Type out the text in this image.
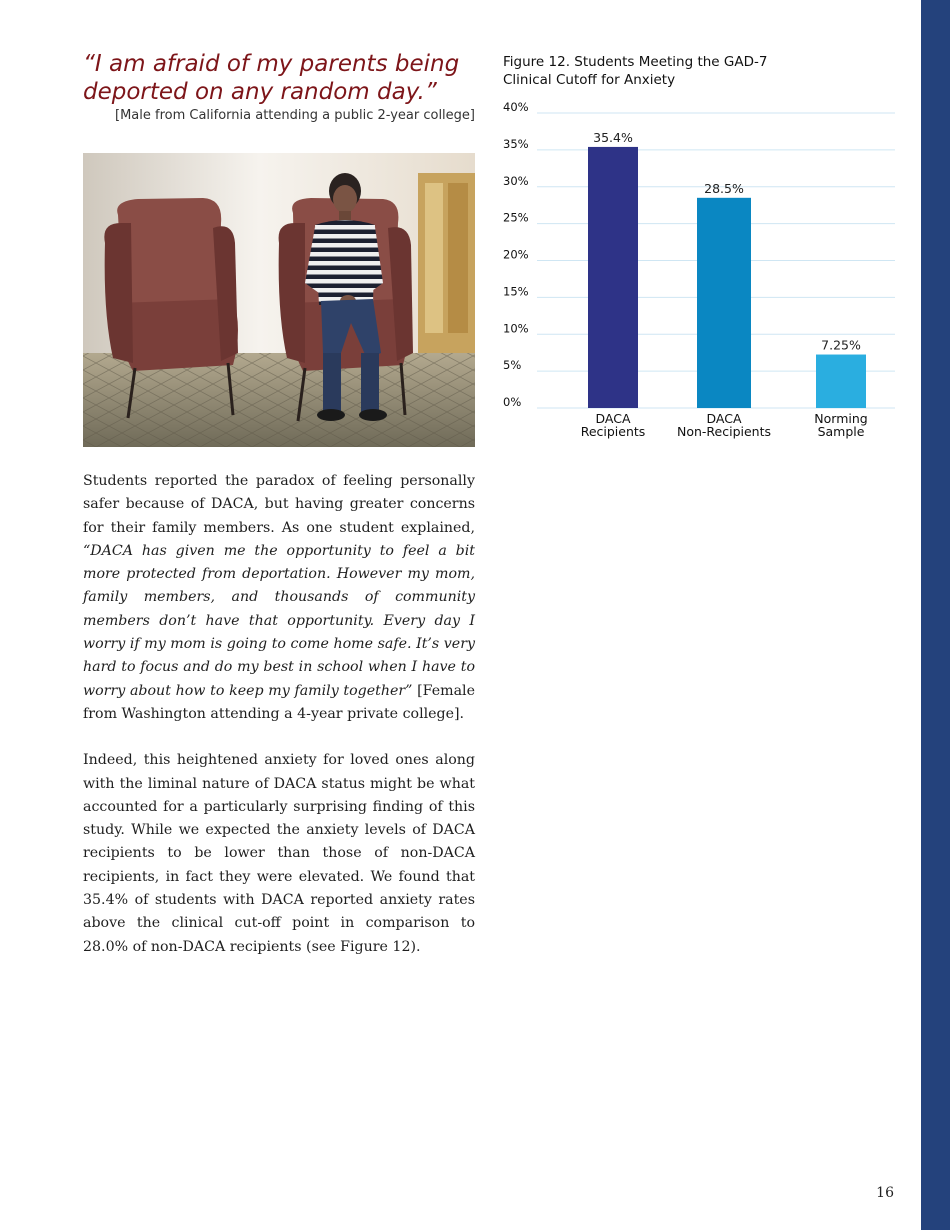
“I am afraid of my parents being deported on any random day.”
[Male from California attending a public 2-year college]

Students reported the paradox of feeling personally safer because of DACA, but having greater concerns for their family members. As one student explained, “DACA has given me the opportunity to feel a bit more protected from deportation. However my mom, family members, and thousands of community members don’t have that opportunity. Every day I worry if my mom is going to come home safe. It’s very hard to focus and do my best in school when I have to worry about how to keep my family together” [Female from Washington attending a 4-year private college].

Indeed, this heightened anxiety for loved ones along with the liminal nature of DACA status might be what accounted for a particularly surprising finding of this study. While we expected the anxiety levels of DACA recipients to be lower than those of non-DACA recipients, in fact they were elevated. We found that 35.4% of students with DACA reported anxiety rates above the clinical cut-off point in comparison to 28.0% of non-DACA recipients (see Figure 12).

Figure 12. Students Meeting the GAD-7
Clinical Cutoff for Anxiety
0%
5%
10%
15%
20%
25%
30%
35%
40%
35.4%
DACA
Recipients
28.5%
DACA
Non-Recipients
7.25%
Norming
Sample
16
